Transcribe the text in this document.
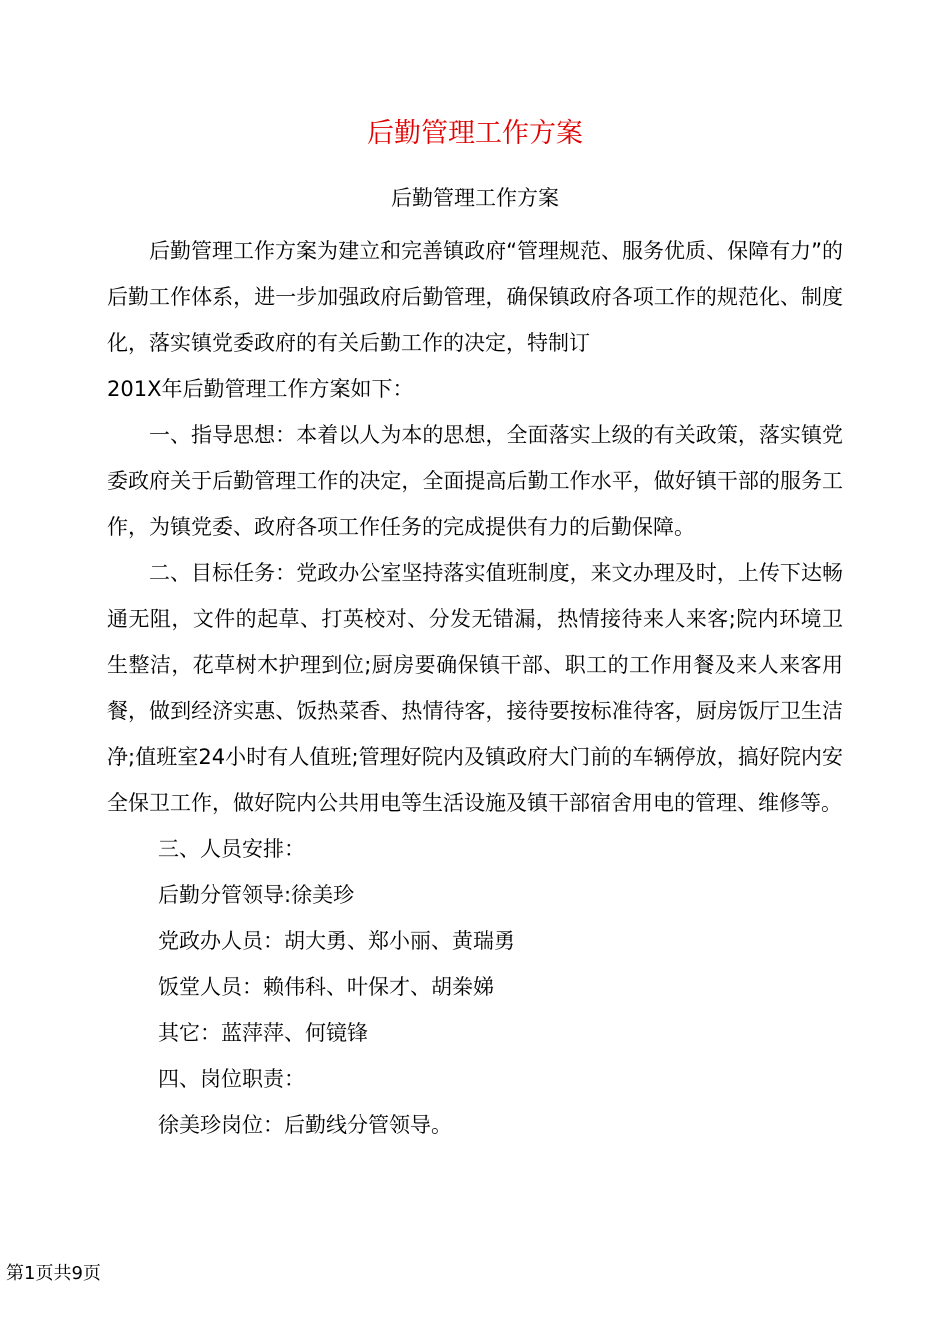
后勤管理工作方案
后勤管理工作方案

后勤管理工作方案为建立和完善镇政府“管理规范、服务优质、保障有力”的后勤工作体系，进一步加强政府后勤管理，确保镇政府各项工作的规范化、制度化，落实镇党委政府的有关后勤工作的决定，特制订

201X年后勤管理工作方案如下：

一、指导思想：本着以人为本的思想，全面落实上级的有关政策，落实镇党委政府关于后勤管理工作的决定，全面提高后勤工作水平，做好镇干部的服务工作，为镇党委、政府各项工作任务的完成提供有力的后勤保障。

二、目标任务：党政办公室坚持落实值班制度，来文办理及时，上传下达畅通无阻，文件的起草、打英校对、分发无错漏，热情接待来人来客;院内环境卫生整洁，花草树木护理到位;厨房要确保镇干部、职工的工作用餐及来人来客用餐，做到经济实惠、饭热菜香、热情待客，接待要按标准待客，厨房饭厅卫生洁净;值班室24小时有人值班;管理好院内及镇政府大门前的车辆停放，搞好院内安全保卫工作，做好院内公共用电等生活设施及镇干部宿舍用电的管理、维修等。

三、人员安排：

后勤分管领导:徐美珍

党政办人员：胡大勇、郑小丽、黄瑞勇

饭堂人员：赖伟科、叶保才、胡桊娣

其它：蓝萍萍、何镜锋

四、岗位职责：

徐美珍岗位：后勤线分管领导。

第1页共9页
